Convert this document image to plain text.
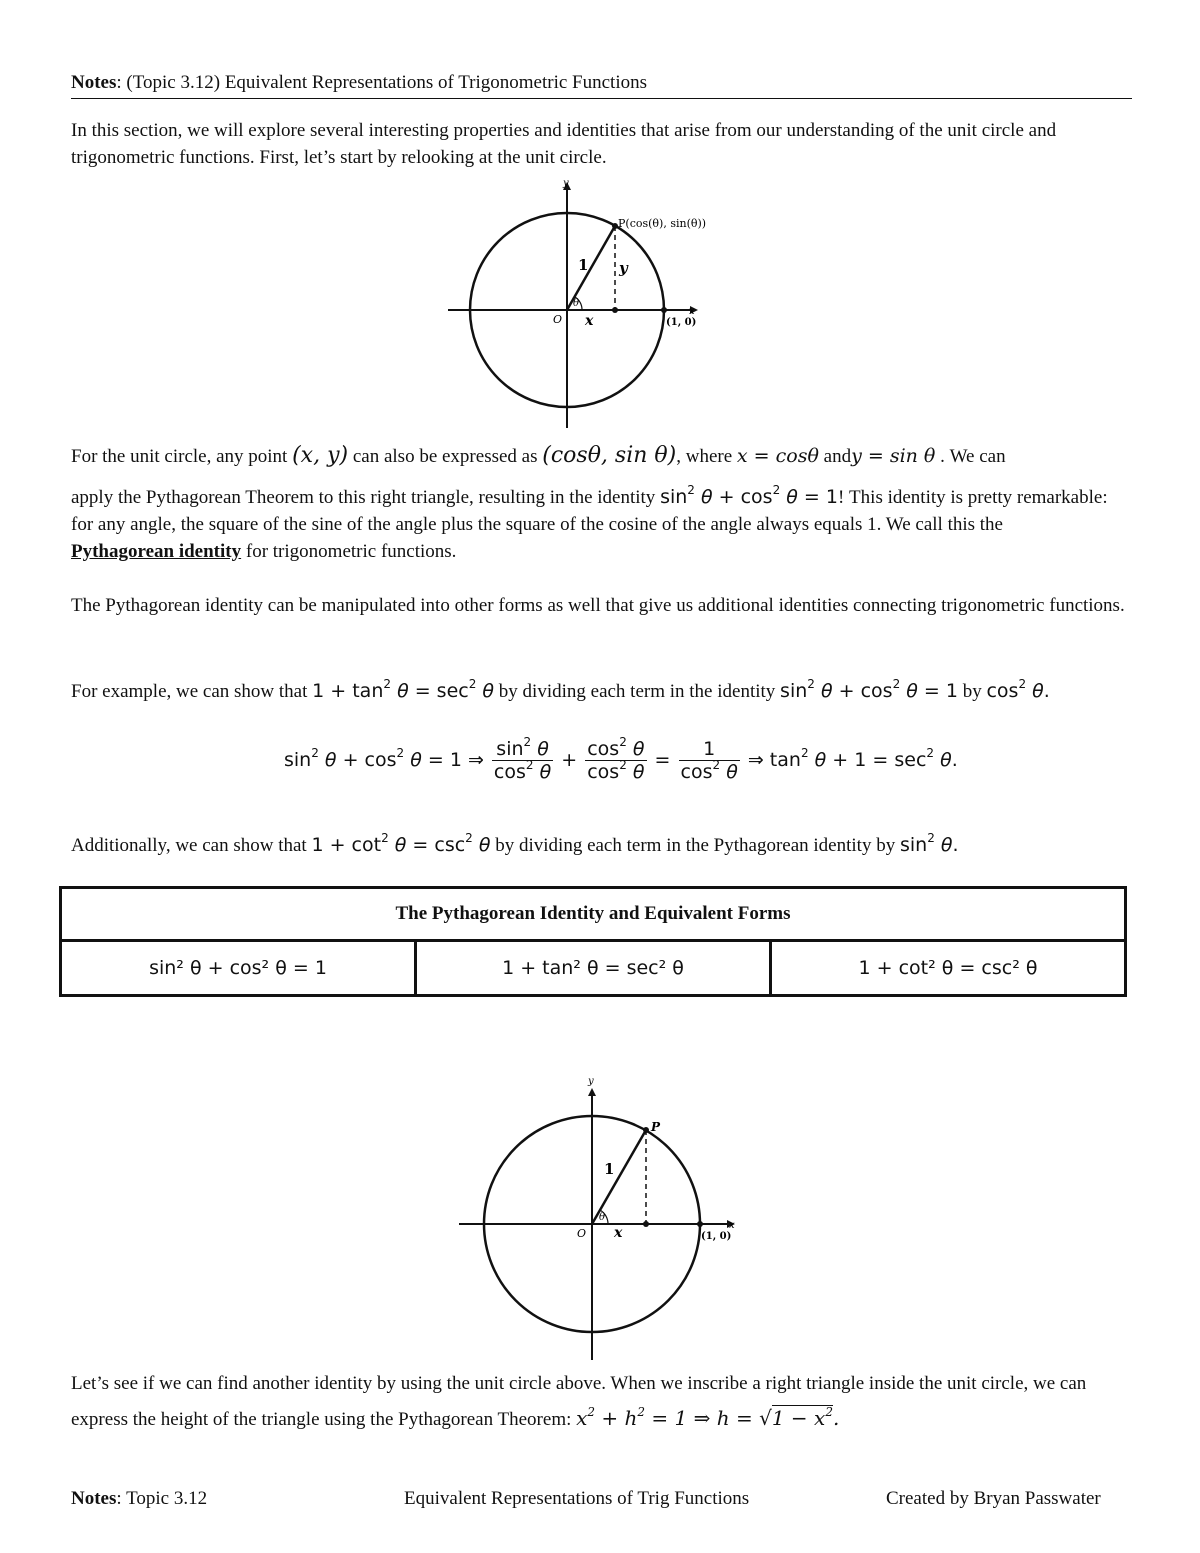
Notes: (Topic 3.12) Equivalent Representations of Trigonometric Functions

In this section, we will explore several interesting properties and identities that arise from our understanding of the unit circle and trigonometric functions. First, let’s start by relooking at the unit circle.

P(cos(θ), sin(θ))
1 y
x
O
θ
x
y
(1, 0)
For the unit circle, any point (x, y) can also be expressed as (cosθ, sin θ), where x = cosθ andy = sin θ . We can

apply the Pythagorean Theorem to this right triangle, resulting in the identity $\sin^2 \theta + \cos^2 \theta = 1$! This identity is pretty remarkable: for any angle, the square of the sine of the angle plus the square of the cosine of the angle always equals 1. We call this the

Pythagorean identity for trigonometric functions.

The Pythagorean identity can be manipulated into other forms as well that give us additional identities connecting trigonometric functions.

For example, we can show that $1 + \tan^2 \theta = \sec^2 \theta$ by dividing each term in the identity $\sin^2 \theta + \cos^2 \theta = 1$ by $\cos^2 \theta$.

$\sin^2 \theta + \cos^2 \theta = 1$ ⇒ $\frac{\sin^2 \theta}{\cos^2 \theta} + \frac{\cos^2 \theta}{\cos^2 \theta} = \frac{1}{\cos^2 \theta}$ ⇒ $\tan^2 \theta + 1 = \sec^2 \theta$.

Additionally, we can show that $1 + \cot^2 \theta = \csc^2 \theta$ by dividing each term in the Pythagorean identity by $\sin^2 \theta$.

The Pythagorean Identity and Equivalent Forms
sin² θ + cos² θ = 1	1 + tan² θ = sec² θ	1 + cot² θ = csc² θ
P
1
x
O
θ
x
y
(1, 0)

Let’s see if we can find another identity by using the unit circle above. When we inscribe a right triangle inside the unit circle, we can express the height of the triangle using the Pythagorean Theorem: $x^2 + h^2 = 1$ ⇒ $h = √1 - x^2$.

Notes: Topic 3.12	Equivalent Representations of Trig Functions	Created by Bryan Passwater
